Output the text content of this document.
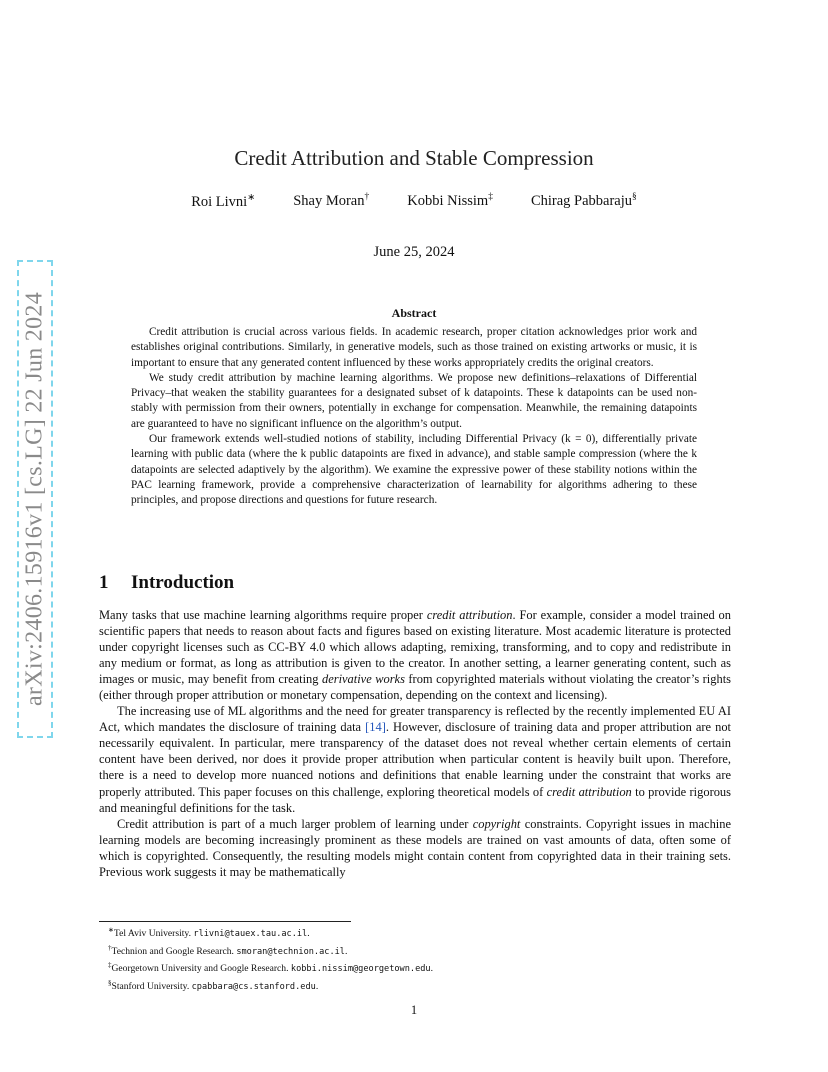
arXiv:2406.15916v1 [cs.LG] 22 Jun 2024
Credit Attribution and Stable Compression
Roi Livni∗	Shay Moran†	Kobbi Nissim‡	Chirag Pabbaraju§
June 25, 2024
Abstract

Credit attribution is crucial across various fields. In academic research, proper citation acknowledges prior work and establishes original contributions. Similarly, in generative models, such as those trained on existing artworks or music, it is important to ensure that any generated content influenced by these works appropriately credits the original creators.

We study credit attribution by machine learning algorithms. We propose new definitions–relaxations of Differential Privacy–that weaken the stability guarantees for a designated subset of k datapoints. These k datapoints can be used non-stably with permission from their owners, potentially in exchange for compensation. Meanwhile, the remaining datapoints are guaranteed to have no significant influence on the algorithm’s output.

Our framework extends well-studied notions of stability, including Differential Privacy (k = 0), differentially private learning with public data (where the k public datapoints are fixed in advance), and stable sample compression (where the k datapoints are selected adaptively by the algorithm). We examine the expressive power of these stability notions within the PAC learning framework, provide a comprehensive characterization of learnability for algorithms adhering to these principles, and propose directions and questions for future research.

1 Introduction

Many tasks that use machine learning algorithms require proper credit attribution. For example, consider a model trained on scientific papers that needs to reason about facts and figures based on existing literature. Most academic literature is protected under copyright licenses such as CC-BY 4.0 which allows adapting, remixing, transforming, and to copy and redistribute in any medium or format, as long as attribution is given to the creator. In another setting, a learner generating content, such as images or music, may benefit from creating derivative works from copyrighted materials without violating the creator’s rights (either through proper attribution or monetary compensation, depending on the context and licensing).

The increasing use of ML algorithms and the need for greater transparency is reflected by the recently implemented EU AI Act, which mandates the disclosure of training data [14]. However, disclosure of training data and proper attribution are not necessarily equivalent. In particular, mere transparency of the dataset does not reveal whether certain elements of certain content have been derived, nor does it provide proper attribution when particular content is heavily built upon. Therefore, there is a need to develop more nuanced notions and definitions that enable learning under the constraint that works are properly attributed. This paper focuses on this challenge, exploring theoretical models of credit attribution to provide rigorous and meaningful definitions for the task.

Credit attribution is part of a much larger problem of learning under copyright constraints. Copyright issues in machine learning models are becoming increasingly prominent as these models are trained on vast amounts of data, often some of which is copyrighted. Consequently, the resulting models might contain content from copyrighted data in their training sets. Previous work suggests it may be mathematically

∗Tel Aviv University. rlivni@tauex.tau.ac.il.
†Technion and Google Research. smoran@technion.ac.il.
‡Georgetown University and Google Research. kobbi.nissim@georgetown.edu.
§Stanford University. cpabbara@cs.stanford.edu.
1
